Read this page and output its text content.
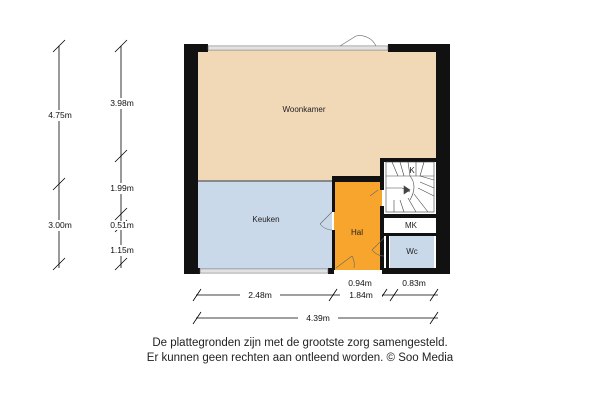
Woonkamer
Keuken
Hal
MK
Wc
K
4.75m
3.00m
3.98m
1.99m
0.51m
1.15m
2.48m
0.94m
1.84m
0.83m
4.39m
De plattegronden zijn met de grootste zorg samengesteld.
Er kunnen geen rechten aan ontleend worden. © Soo Media
